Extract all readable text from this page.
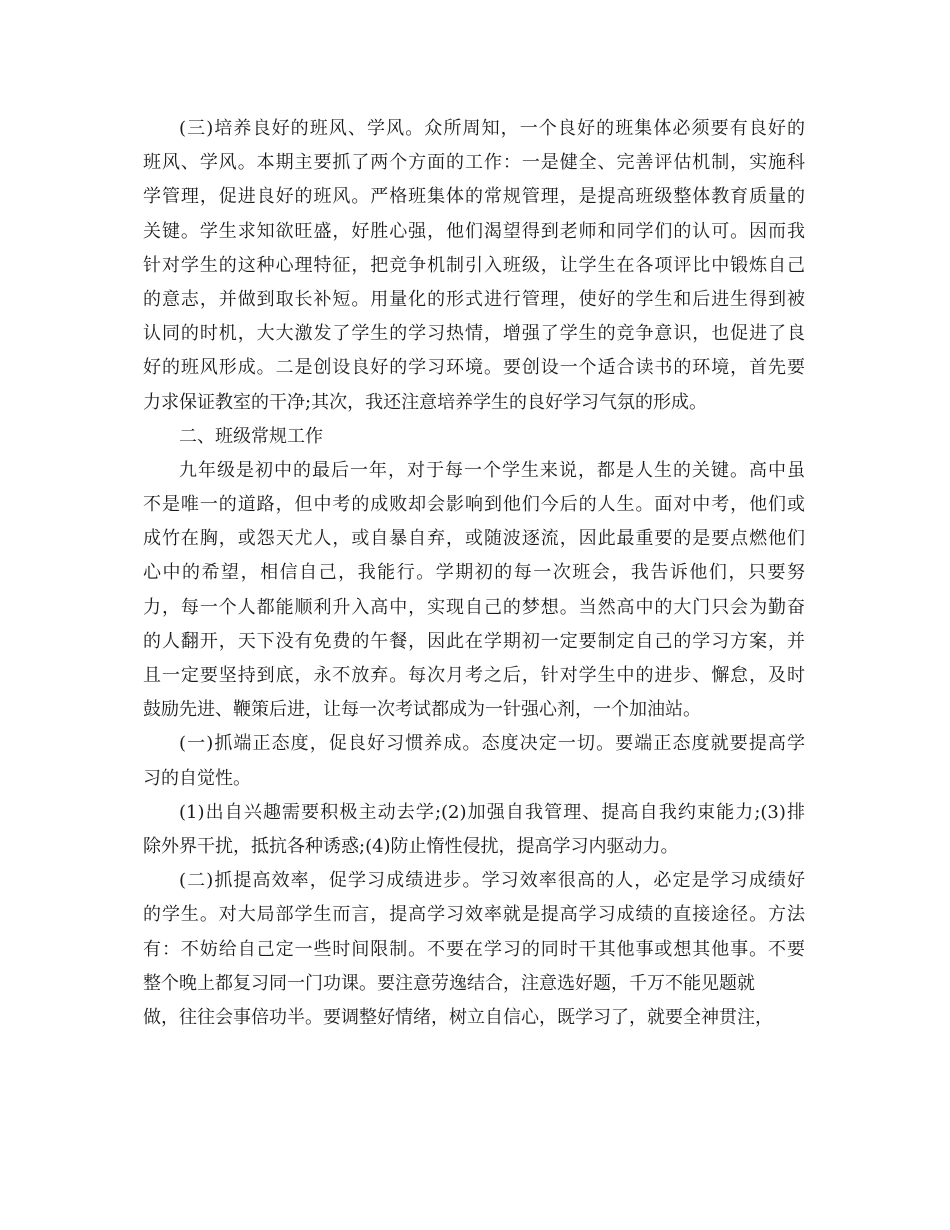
(三)培养良好的班风、学风。众所周知，一个良好的班集体必须要有良好的
班风、学风。本期主要抓了两个方面的工作：一是健全、完善评估机制，实施科
学管理，促进良好的班风。严格班集体的常规管理，是提高班级整体教育质量的
关键。学生求知欲旺盛，好胜心强，他们渴望得到老师和同学们的认可。因而我
针对学生的这种心理特征，把竞争机制引入班级，让学生在各项评比中锻炼自己
的意志，并做到取长补短。用量化的形式进行管理，使好的学生和后进生得到被
认同的时机，大大激发了学生的学习热情，增强了学生的竞争意识，也促进了良
好的班风形成。二是创设良好的学习环境。要创设一个适合读书的环境，首先要
力求保证教室的干净;其次，我还注意培养学生的良好学习气氛的形成。
二、班级常规工作
九年级是初中的最后一年，对于每一个学生来说，都是人生的关键。高中虽
不是唯一的道路，但中考的成败却会影响到他们今后的人生。面对中考，他们或
成竹在胸，或怨天尤人，或自暴自弃，或随波逐流，因此最重要的是要点燃他们
心中的希望，相信自己，我能行。学期初的每一次班会，我告诉他们，只要努
力，每一个人都能顺利升入高中，实现自己的梦想。当然高中的大门只会为勤奋
的人翻开，天下没有免费的午餐，因此在学期初一定要制定自己的学习方案，并
且一定要坚持到底，永不放弃。每次月考之后，针对学生中的进步、懈怠，及时
鼓励先进、鞭策后进，让每一次考试都成为一针强心剂，一个加油站。
(一)抓端正态度，促良好习惯养成。态度决定一切。要端正态度就要提高学
习的自觉性。
(1)出自兴趣需要积极主动去学;(2)加强自我管理、提高自我约束能力;(3)排
除外界干扰，抵抗各种诱惑;(4)防止惰性侵扰，提高学习内驱动力。
(二)抓提高效率，促学习成绩进步。学习效率很高的人，必定是学习成绩好
的学生。对大局部学生而言，提高学习效率就是提高学习成绩的直接途径。方法
有：不妨给自己定一些时间限制。不要在学习的同时干其他事或想其他事。不要
整个晚上都复习同一门功课。要注意劳逸结合，注意选好题，千万不能见题就
做，往往会事倍功半。要调整好情绪，树立自信心，既学习了，就要全神贯注，
